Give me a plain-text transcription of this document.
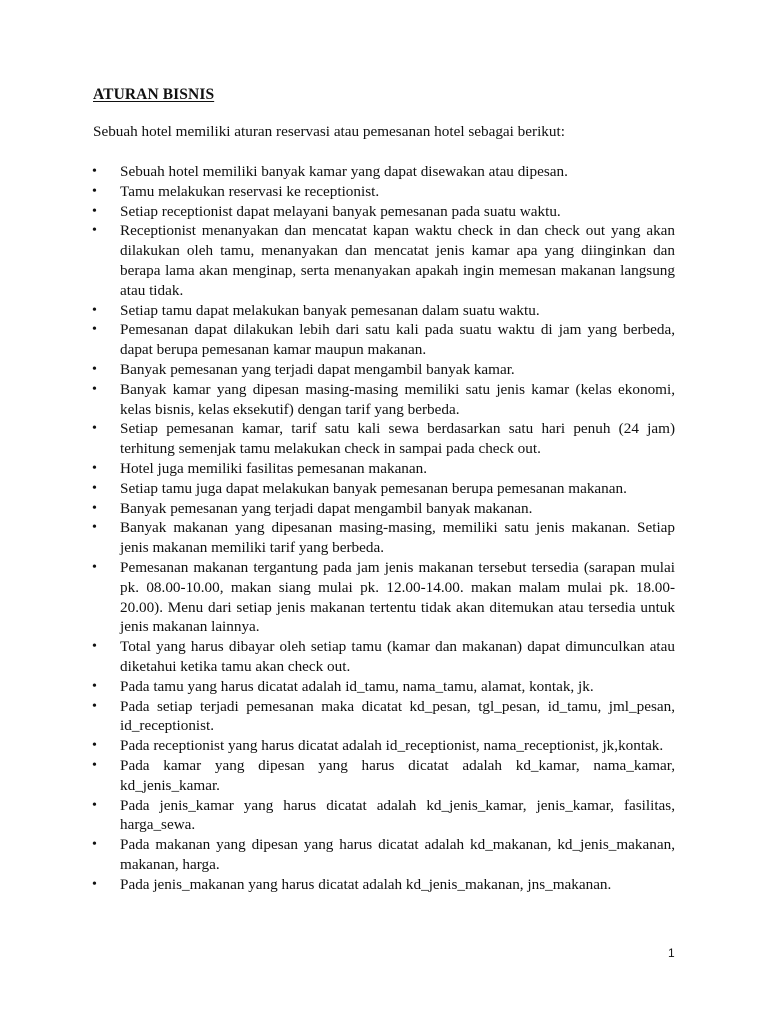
ATURAN BISNIS
Sebuah hotel memiliki aturan reservasi atau pemesanan hotel sebagai berikut:
• Sebuah hotel memiliki banyak kamar yang dapat disewakan atau dipesan.
• Tamu melakukan reservasi ke receptionist.
• Setiap receptionist dapat melayani banyak pemesanan pada suatu waktu.
• Receptionist menanyakan dan mencatat kapan waktu check in dan check out yang akan dilakukan oleh tamu, menanyakan dan mencatat jenis kamar apa yang diinginkan dan berapa lama akan menginap, serta menanyakan apakah ingin memesan makanan langsung atau tidak.
• Setiap tamu dapat melakukan banyak pemesanan dalam suatu waktu.
• Pemesanan dapat dilakukan lebih dari satu kali pada suatu waktu di jam yang berbeda, dapat berupa pemesanan kamar maupun makanan.
• Banyak pemesanan yang terjadi dapat mengambil banyak kamar.
• Banyak kamar yang dipesan masing-masing memiliki satu jenis kamar (kelas ekonomi, kelas bisnis, kelas eksekutif) dengan tarif yang berbeda.
• Setiap pemesanan kamar, tarif satu kali sewa berdasarkan satu hari penuh (24 jam) terhitung semenjak tamu melakukan check in sampai pada check out.
• Hotel juga memiliki fasilitas pemesanan makanan.
• Setiap tamu juga dapat melakukan banyak pemesanan berupa pemesanan makanan.
• Banyak pemesanan yang terjadi dapat mengambil banyak makanan.
• Banyak makanan yang dipesanan masing-masing, memiliki satu jenis makanan. Setiap jenis makanan memiliki tarif yang berbeda.
• Pemesanan makanan tergantung pada jam jenis makanan tersebut tersedia (sarapan mulai pk. 08.00-10.00, makan siang mulai pk. 12.00-14.00. makan malam mulai pk. 18.00-20.00). Menu dari setiap jenis makanan tertentu tidak akan ditemukan atau tersedia untuk jenis makanan lainnya.
• Total yang harus dibayar oleh setiap tamu (kamar dan makanan) dapat dimunculkan atau diketahui ketika tamu akan check out.
• Pada tamu yang harus dicatat adalah id_tamu, nama_tamu, alamat, kontak, jk.
• Pada setiap terjadi pemesanan maka dicatat kd_pesan, tgl_pesan, id_tamu, jml_pesan, id_receptionist.
• Pada receptionist yang harus dicatat adalah id_receptionist, nama_receptionist, jk,kontak.
• Pada kamar yang dipesan yang harus dicatat adalah kd_kamar, nama_kamar, kd_jenis_kamar.
• Pada jenis_kamar yang harus dicatat adalah kd_jenis_kamar, jenis_kamar, fasilitas, harga_sewa.
• Pada makanan yang dipesan yang harus dicatat adalah kd_makanan, kd_jenis_makanan, makanan, harga.
• Pada jenis_makanan yang harus dicatat adalah kd_jenis_makanan, jns_makanan.
1
